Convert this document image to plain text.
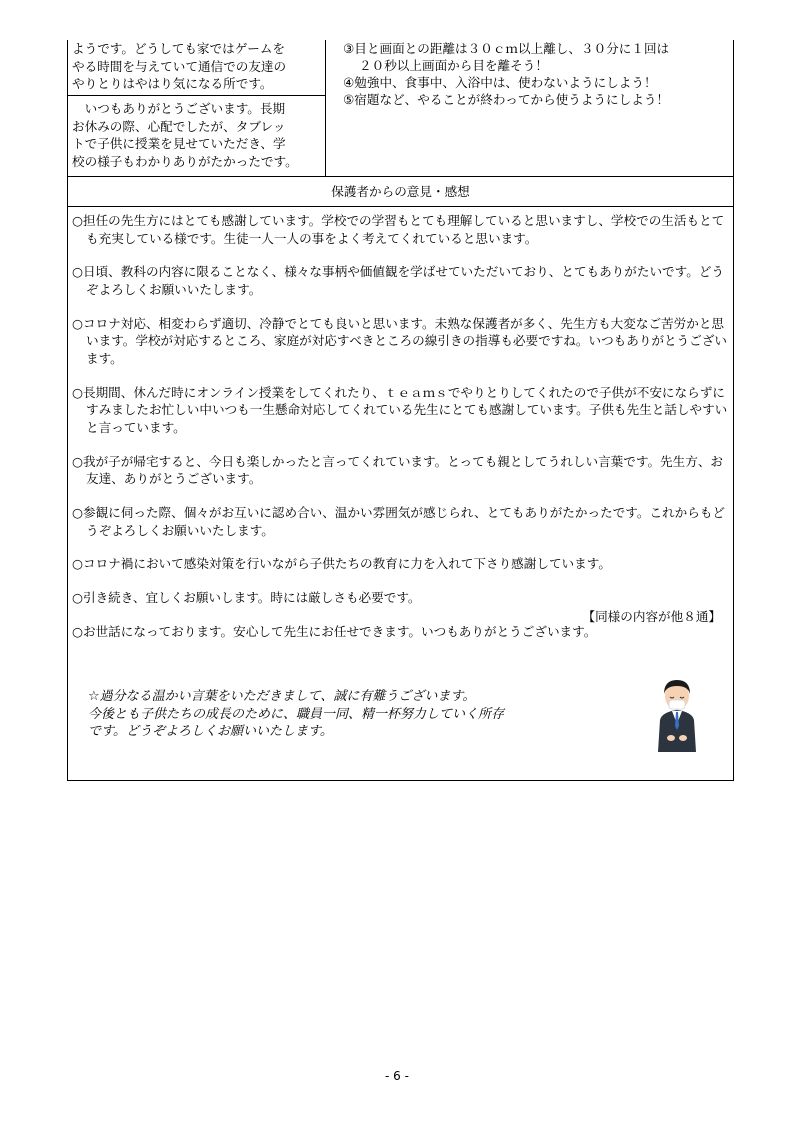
ようです。どうしても家ではゲームを
やる時間を与えていて通信での友達の
やりとりはやはり気になる所です。
　いつもありがとうございます。長期
お休みの際、心配でしたが、タブレッ
トで子供に授業を見せていただき、学
校の様子もわかりありがたかったです。
③目と画面との距離は３０ｃｍ以上離し、３０分に１回は
２０秒以上画面から目を離そう！
④勉強中、食事中、入浴中は、使わないようにしよう！
⑤宿題など、やることが終わってから使うようにしよう！
保護者からの意見・感想
○担任の先生方にはとても感謝しています。学校での学習もとても理解していると思いますし、学校での生活もとても充実している様です。生徒一人一人の事をよく考えてくれていると思います。
○日頃、教科の内容に限ることなく、様々な事柄や価値観を学ばせていただいており、とてもありがたいです。どうぞよろしくお願いいたします。
○コロナ対応、相変わらず適切、冷静でとても良いと思います。未熟な保護者が多く、先生方も大変なご苦労かと思います。学校が対応するところ、家庭が対応すべきところの線引きの指導も必要ですね。いつもありがとうございます。
○長期間、休んだ時にオンライン授業をしてくれたり、ｔｅａｍｓでやりとりしてくれたので子供が不安にならずにすみましたお忙しい中いつも一生懸命対応してくれている先生にとても感謝しています。子供も先生と話しやすいと言っています。
○我が子が帰宅すると、今日も楽しかったと言ってくれています。とっても親としてうれしい言葉です。先生方、お友達、ありがとうございます。
○参観に伺った際、個々がお互いに認め合い、温かい雰囲気が感じられ、とてもありがたかったです。これからもどうぞよろしくお願いいたします。
○コロナ禍において感染対策を行いながら子供たちの教育に力を入れて下さり感謝しています。
○引き続き、宜しくお願いします。時には厳しさも必要です。
○お世話になっております。安心して先生にお任せできます。いつもありがとうございます。
【同様の内容が他８通】
☆過分なる温かい言葉をいただきまして、誠に有難うございます。
今後とも子供たちの成長のために、職員一同、精一杯努力していく所存
です。どうぞよろしくお願いいたします。
- 6 -
